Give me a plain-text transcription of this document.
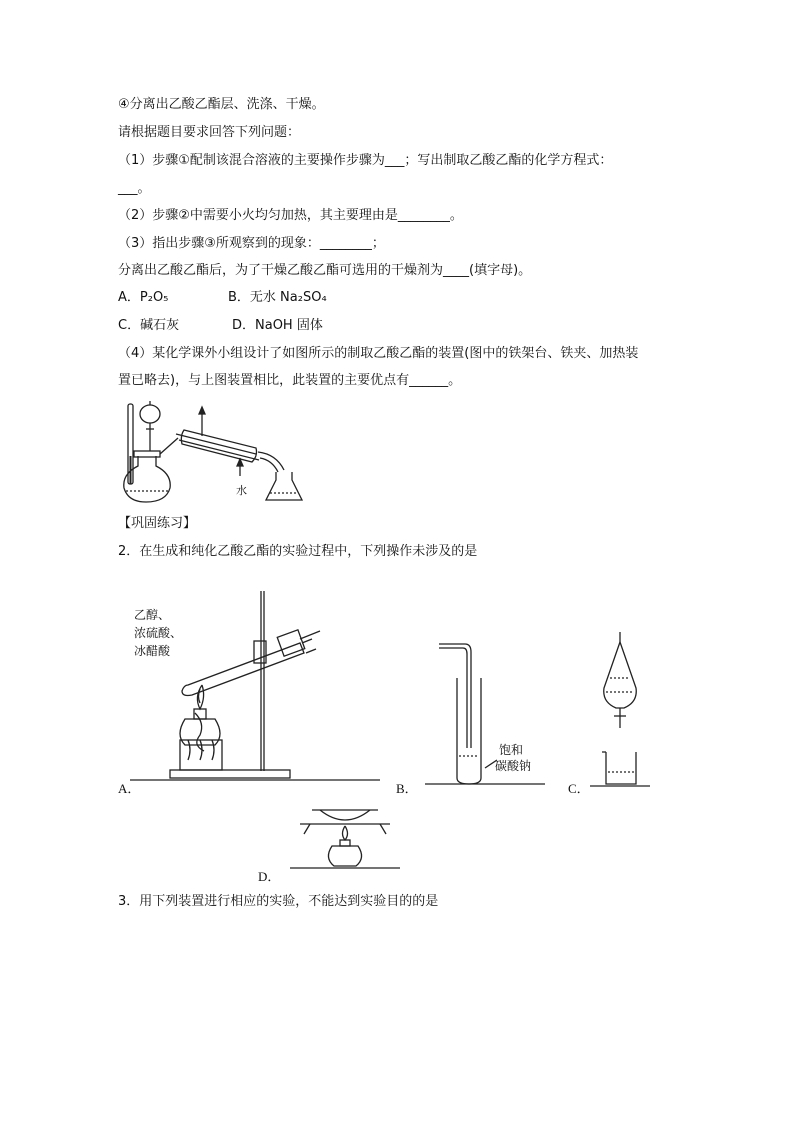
④分离出乙酸乙酯层、洗涤、干燥。
请根据题目要求回答下列问题：
（1）步骤①配制该混合溶液的主要操作步骤为___；写出制取乙酸乙酯的化学方程式：
___。
（2）步骤②中需要小火均匀加热，其主要理由是________。
（3）指出步骤③所观察到的现象：________；
分离出乙酸乙酯后，为了干燥乙酸乙酯可选用的干燥剂为____(填字母)。
A．P₂O₅	B．无水 Na₂SO₄
C．碱石灰	D．NaOH 固体
（4）某化学课外小组设计了如图所示的制取乙酸乙酯的装置(图中的铁架台、铁夹、加热装
置已略去)，与上图装置相比，此装置的主要优点有______。
水
【巩固练习】
2．在生成和纯化乙酸乙酯的实验过程中，下列操作未涉及的是
乙醇、
浓硫酸、
冰醋酸
A．
饱和
碳酸钠
B．	C．
D．
3．用下列装置进行相应的实验，不能达到实验目的的是
